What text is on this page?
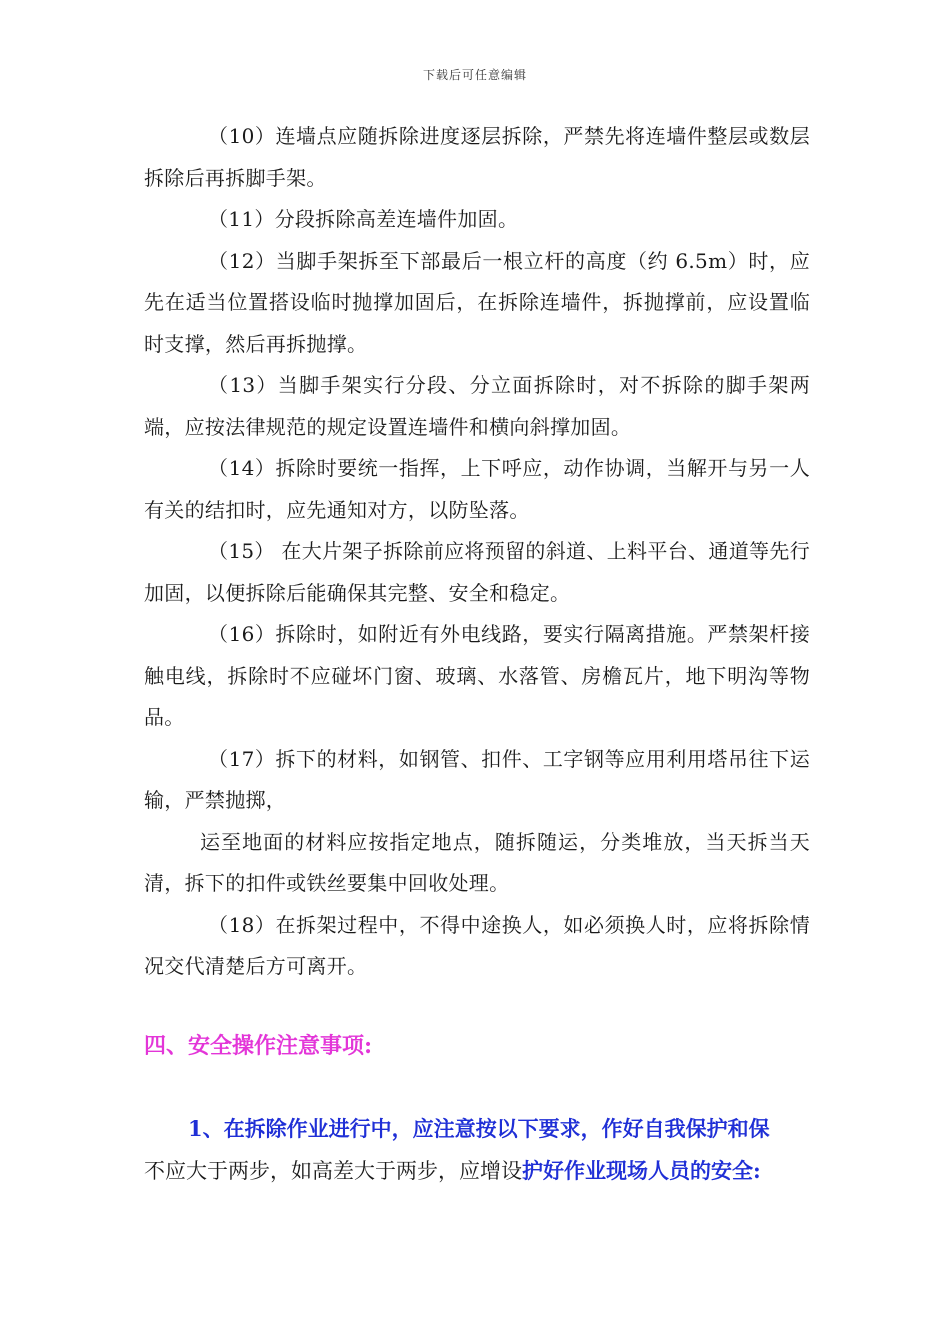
下载后可任意编辑

（10）连墙点应随拆除进度逐层拆除，严禁先将连墙件整层或数层拆除后再拆脚手架。

（11）分段拆除高差连墙件加固。

（12）当脚手架拆至下部最后一根立杆的高度（约 6.5m）时，应先在适当位置搭设临时抛撑加固后，在拆除连墙件，拆抛撑前，应设置临时支撑，然后再拆抛撑。

（13）当脚手架实行分段、分立面拆除时，对不拆除的脚手架两端，应按法律规范的规定设置连墙件和横向斜撑加固。

（14）拆除时要统一指挥，上下呼应，动作协调，当解开与另一人有关的结扣时，应先通知对方，以防坠落。

（15） 在大片架子拆除前应将预留的斜道、上料平台、通道等先行加固，以便拆除后能确保其完整、安全和稳定。

（16）拆除时，如附近有外电线路，要实行隔离措施。严禁架杆接触电线，拆除时不应碰坏门窗、玻璃、水落管、房檐瓦片，地下明沟等物品。

（17）拆下的材料，如钢管、扣件、工字钢等应用利用塔吊往下运输，严禁抛掷，

运至地面的材料应按指定地点，随拆随运，分类堆放，当天拆当天清，拆下的扣件或铁丝要集中回收处理。

（18）在拆架过程中，不得中途换人，如必须换人时，应将拆除情况交代清楚后方可离开。

四、安全操作注意事项:

1、在拆除作业进行中，应注意按以下要求，作好自我保护和保

不应大于两步，如高差大于两步，应增设护好作业现场人员的安全:
